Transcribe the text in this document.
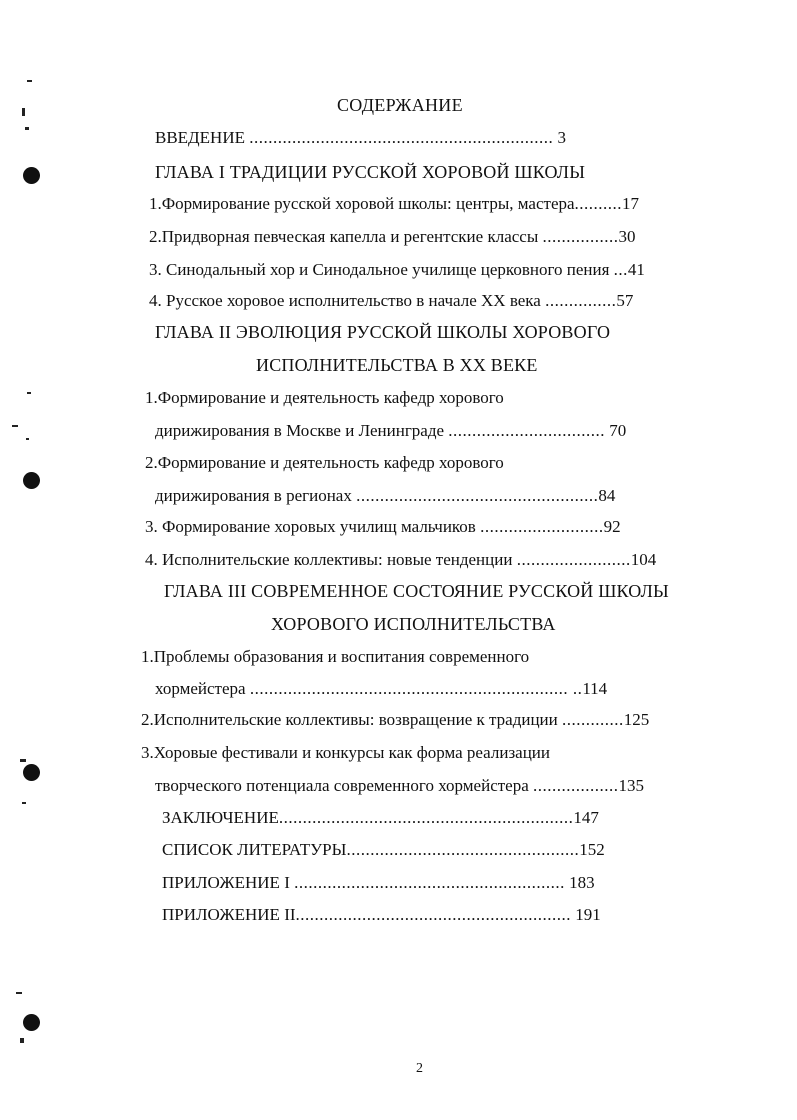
СОДЕРЖАНИЕ
ВВЕДЕНИЕ ................................................................ 3
ГЛАВА I ТРАДИЦИИ РУССКОЙ ХОРОВОЙ ШКОЛЫ
1.Формирование русской хоровой школы: центры, мастера..........17
2.Придворная певческая капелла и регентские классы ................30
3. Синодальный хор и Синодальное училище церковного пения ...41
4. Русское хоровое исполнительство в начале XX века ...............57
ГЛАВА II ЭВОЛЮЦИЯ РУССКОЙ ШКОЛЫ ХОРОВОГО
ИСПОЛНИТЕЛЬСТВА В XX ВЕКЕ
1.Формирование и деятельность кафедр хорового
дирижирования в Москве и Ленинграде ................................. 70
2.Формирование и деятельность кафедр хорового
дирижирования в регионах ...................................................84
3. Формирование хоровых училищ мальчиков ..........................92
4. Исполнительские коллективы: новые тенденции ........................104
ГЛАВА III СОВРЕМЕННОЕ СОСТОЯНИЕ РУССКОЙ ШКОЛЫ
ХОРОВОГО ИСПОЛНИТЕЛЬСТВА
1.Проблемы образования и воспитания современного
хормейстера ................................................................... ..114
2.Исполнительские коллективы: возвращение к традиции .............125
3.Хоровые фестивали и конкурсы как форма реализации
творческого потенциала современного хормейстера ..................135
ЗАКЛЮЧЕНИЕ..............................................................147
СПИСОК ЛИТЕРАТУРЫ.................................................152
ПРИЛОЖЕНИЕ I ......................................................... 183
ПРИЛОЖЕНИЕ II.......................................................... 191
2
